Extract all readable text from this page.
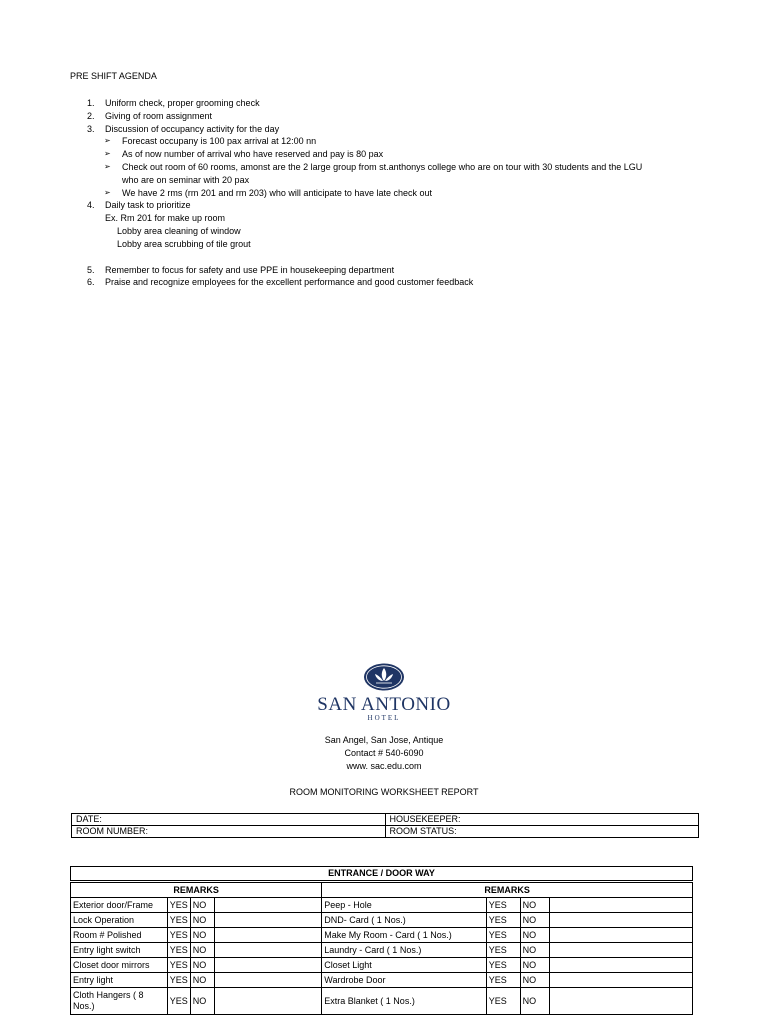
PRE SHIFT AGENDA
1. Uniform check, proper grooming check
2. Giving of room assignment
3. Discussion of occupancy activity for the day
➢ Forecast occupany is 100 pax arrival at 12:00 nn
➢ As of now number of arrival who have reserved and pay is 80 pax
➢ Check out room of 60 rooms, amonst are the 2 large group from st.anthonys college who are on tour with 30 students and the LGU
who are on seminar with 20 pax
➢ We have 2 rms (rm 201 and rm 203) who will anticipate to have late check out
4. Daily task to prioritize
Ex. Rm 201 for make up room
Lobby area cleaning of window
Lobby area scrubbing of tile grout
5. Remember to focus for safety and use PPE in housekeeping department
6. Praise and recognize employees for the excellent performance and good customer feedback
SAN ANTONIO
HOTEL
San Angel, San Jose, Antique
Contact # 540-6090
www. sac.edu.com
ROOM MONITORING WORKSHEET REPORT
DATE:	HOUSEKEEPER:
ROOM NUMBER:	ROOM STATUS:
ENTRANCE / DOOR WAY							
REMARKS				REMARKS			
Exterior door/Frame	YES	NO		Peep - Hole	YES	NO	
Lock Operation	YES	NO		DND- Card ( 1 Nos.)	YES	NO	
Room # Polished	YES	NO		Make My Room - Card ( 1 Nos.)	YES	NO	
Entry light switch	YES	NO		Laundry - Card ( 1 Nos.)	YES	NO	
Closet door mirrors	YES	NO		Closet Light	YES	NO	
Entry light	YES	NO		Wardrobe Door	YES	NO	
Cloth Hangers ( 8 Nos.)	YES	NO		Extra Blanket ( 1 Nos.)	YES	NO	
